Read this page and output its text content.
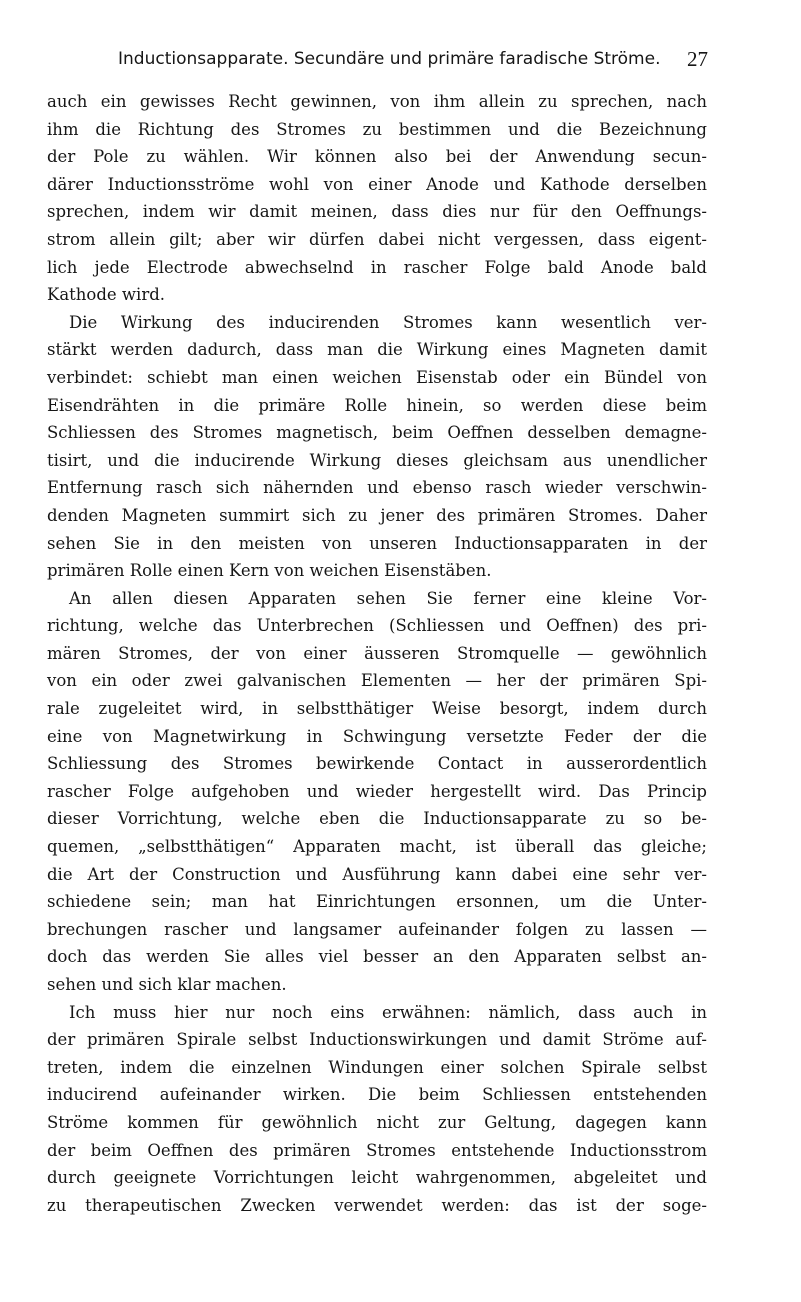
Inductionsapparate. Secundäre und primäre faradische Ströme. 27
auch ein gewisses Recht gewinnen, von ihm allein zu sprechen, nach
ihm die Richtung des Stromes zu bestimmen und die Bezeichnung
der Pole zu wählen. Wir können also bei der Anwendung secun-
därer Inductionsströme wohl von einer Anode und Kathode derselben
sprechen, indem wir damit meinen, dass dies nur für den Oeffnungs-
strom allein gilt; aber wir dürfen dabei nicht vergessen, dass eigent-
lich jede Electrode abwechselnd in rascher Folge bald Anode bald
Kathode wird.
Die Wirkung des inducirenden Stromes kann wesentlich ver-
stärkt werden dadurch, dass man die Wirkung eines Magneten damit
verbindet: schiebt man einen weichen Eisenstab oder ein Bündel von
Eisendrähten in die primäre Rolle hinein, so werden diese beim
Schliessen des Stromes magnetisch, beim Oeffnen desselben demagne-
tisirt, und die inducirende Wirkung dieses gleichsam aus unendlicher
Entfernung rasch sich nähernden und ebenso rasch wieder verschwin-
denden Magneten summirt sich zu jener des primären Stromes. Daher
sehen Sie in den meisten von unseren Inductionsapparaten in der
primären Rolle einen Kern von weichen Eisenstäben.
An allen diesen Apparaten sehen Sie ferner eine kleine Vor-
richtung, welche das Unterbrechen (Schliessen und Oeffnen) des pri-
mären Stromes, der von einer äusseren Stromquelle — gewöhnlich
von ein oder zwei galvanischen Elementen — her der primären Spi-
rale zugeleitet wird, in selbstthätiger Weise besorgt, indem durch
eine von Magnetwirkung in Schwingung versetzte Feder der die
Schliessung des Stromes bewirkende Contact in ausserordentlich
rascher Folge aufgehoben und wieder hergestellt wird. Das Princip
dieser Vorrichtung, welche eben die Inductionsapparate zu so be-
quemen, „selbstthätigen“ Apparaten macht, ist überall das gleiche;
die Art der Construction und Ausführung kann dabei eine sehr ver-
schiedene sein; man hat Einrichtungen ersonnen, um die Unter-
brechungen rascher und langsamer aufeinander folgen zu lassen —
doch das werden Sie alles viel besser an den Apparaten selbst an-
sehen und sich klar machen.
Ich muss hier nur noch eins erwähnen: nämlich, dass auch in
der primären Spirale selbst Inductionswirkungen und damit Ströme auf-
treten, indem die einzelnen Windungen einer solchen Spirale selbst
inducirend aufeinander wirken. Die beim Schliessen entstehenden
Ströme kommen für gewöhnlich nicht zur Geltung, dagegen kann
der beim Oeffnen des primären Stromes entstehende Inductionsstrom
durch geeignete Vorrichtungen leicht wahrgenommen, abgeleitet und
zu therapeutischen Zwecken verwendet werden: das ist der soge-
